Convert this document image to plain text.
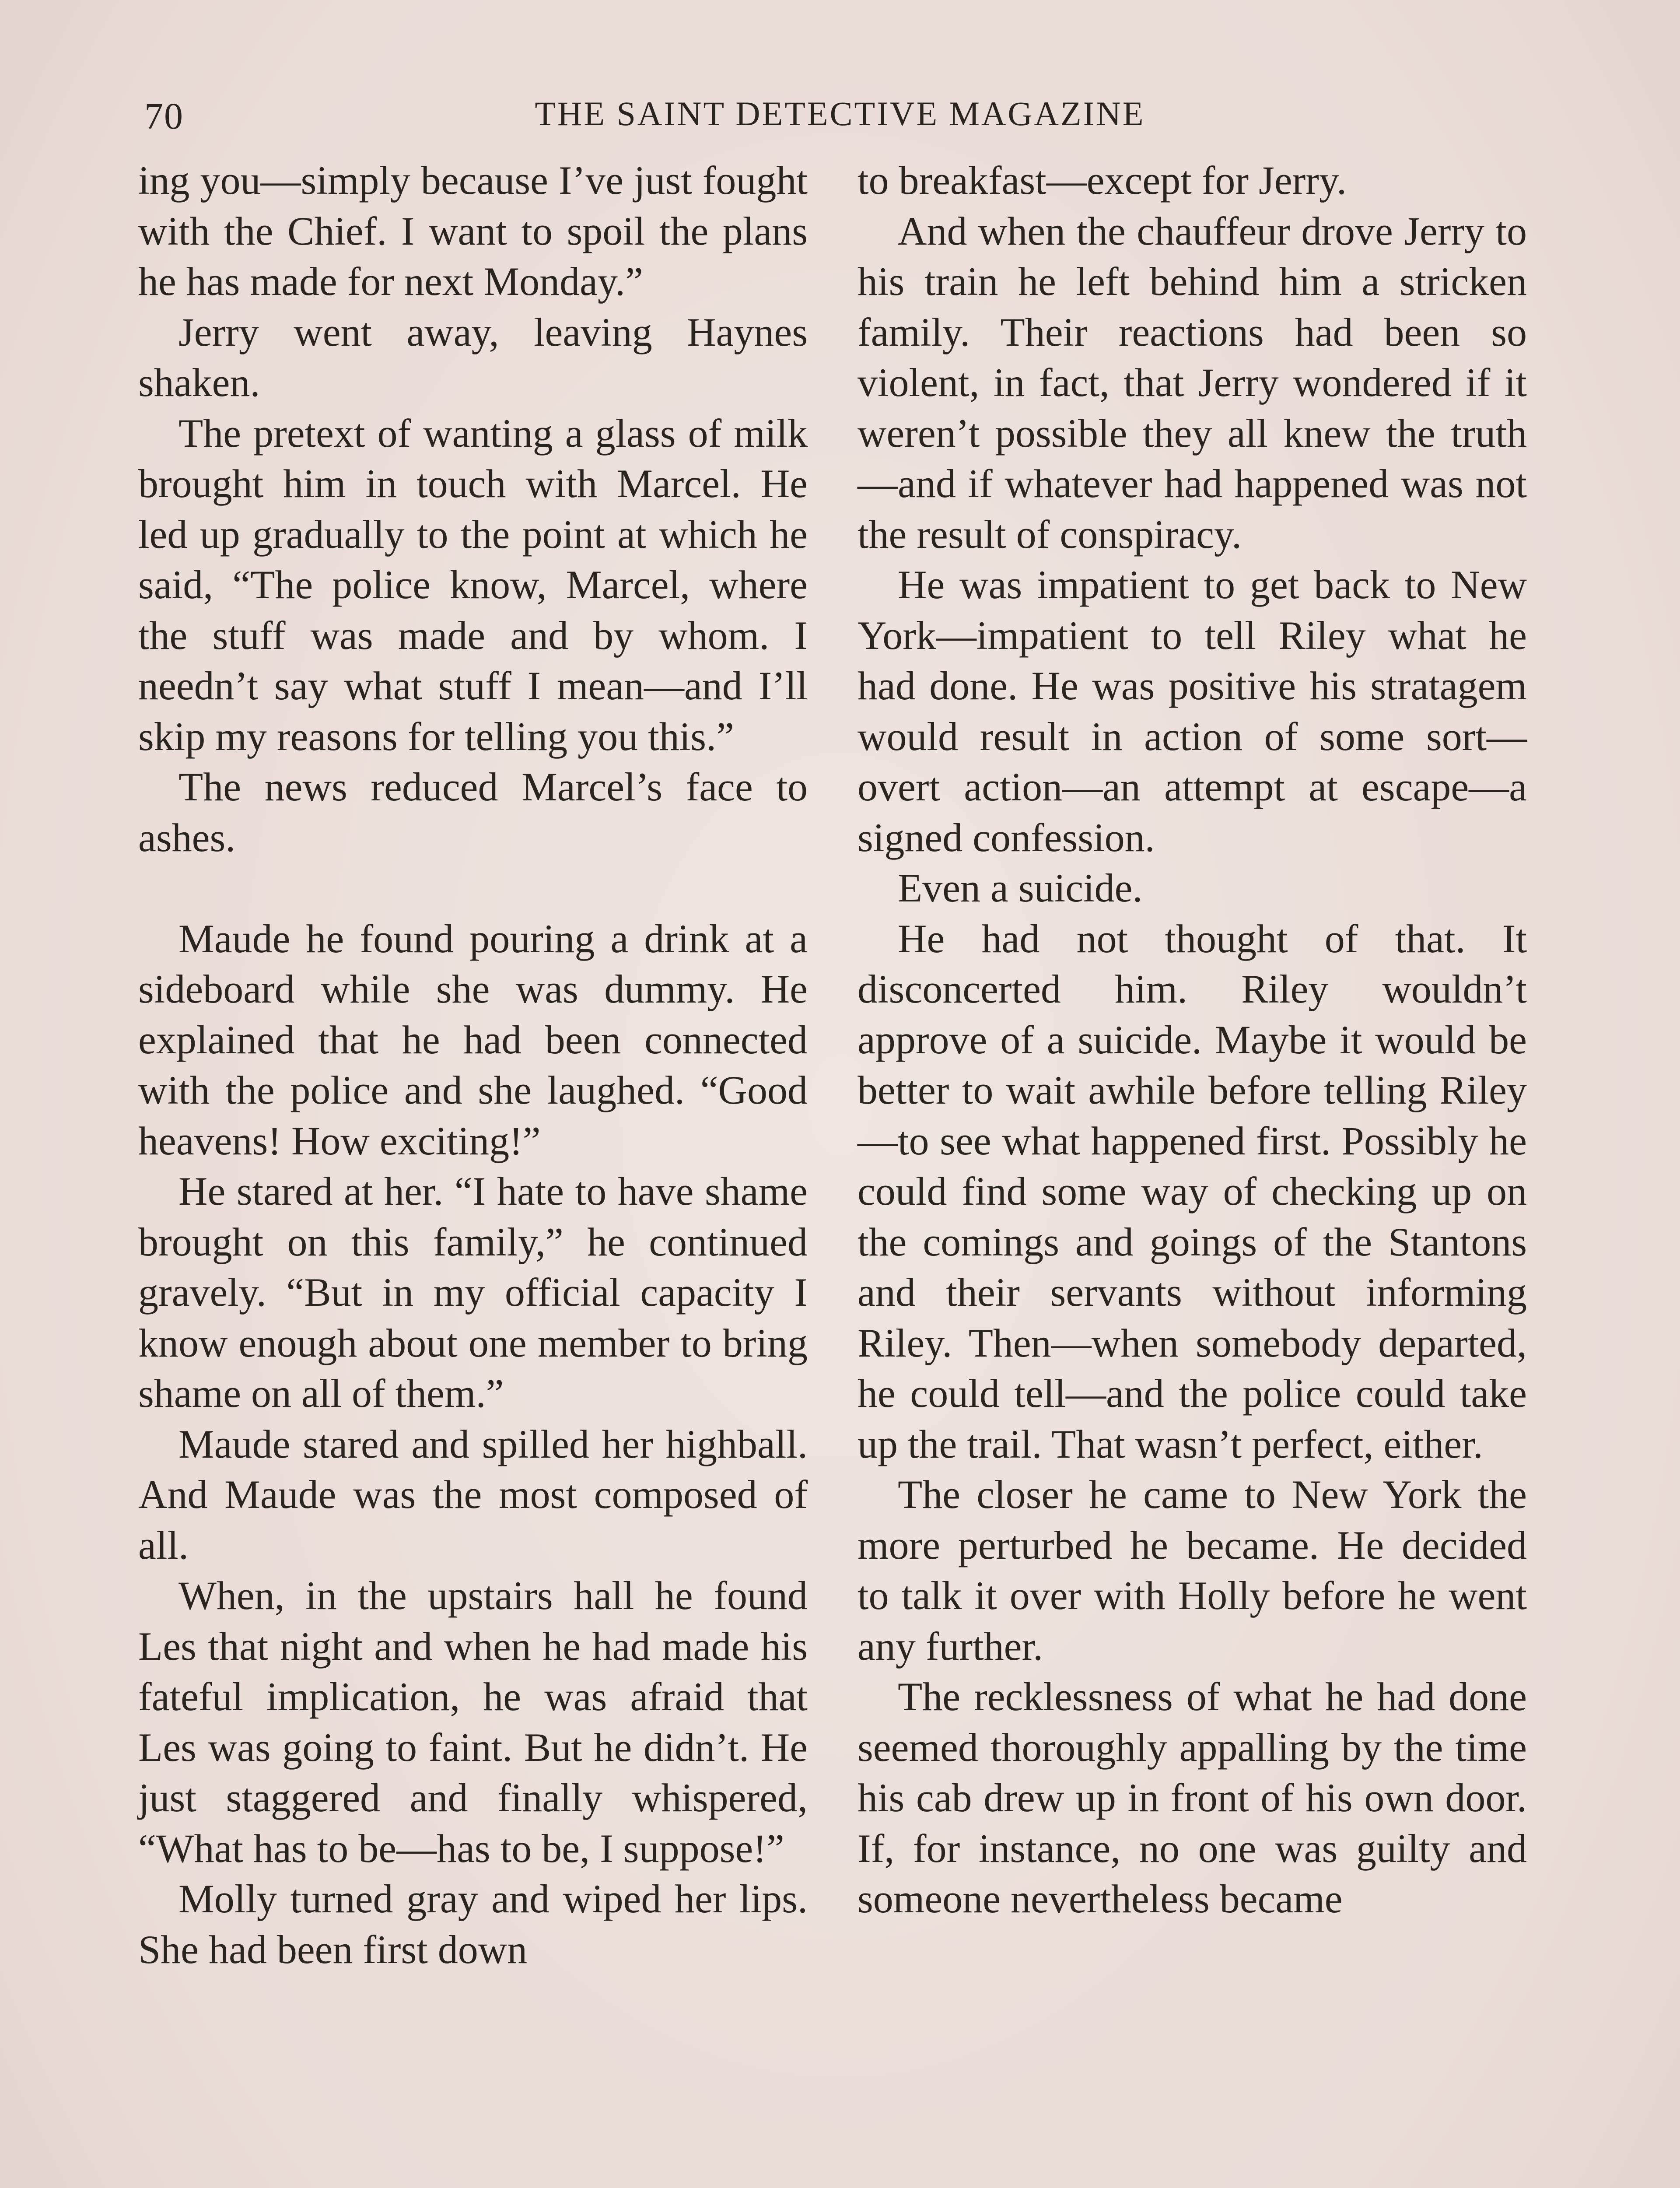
70	THE SAINT DETECTIVE MAGAZINE

ing you—simply because I’ve just fought with the Chief. I want to spoil the plans he has made for next Monday.”

Jerry went away, leaving Haynes shaken.

The pretext of wanting a glass of milk brought him in touch with Marcel. He led up gradually to the point at which he said, “The police know, Marcel, where the stuff was made and by whom. I needn’t say what stuff I mean—and I’ll skip my reasons for telling you this.”

The news reduced Marcel’s face to ashes.

Maude he found pouring a drink at a sideboard while she was dummy. He explained that he had been connected with the police and she laughed. “Good heavens! How exciting!”

He stared at her. “I hate to have shame brought on this family,” he continued gravely. “But in my official capacity I know enough about one member to bring shame on all of them.”

Maude stared and spilled her highball. And Maude was the most composed of all.

When, in the upstairs hall he found Les that night and when he had made his fateful implication, he was afraid that Les was going to faint. But he didn’t. He just staggered and finally whispered, “What has to be—has to be, I suppose!”

Molly turned gray and wiped her lips. She had been first down

to breakfast—except for Jerry.

And when the chauffeur drove Jerry to his train he left behind him a stricken family. Their reactions had been so violent, in fact, that Jerry wondered if it weren’t possible they all knew the truth—and if whatever had happened was not the result of conspiracy.

He was impatient to get back to New York—impatient to tell Riley what he had done. He was positive his stratagem would result in action of some sort—overt action—an attempt at escape—a signed confession.

Even a suicide.

He had not thought of that. It disconcerted him. Riley wouldn’t approve of a suicide. Maybe it would be better to wait awhile before telling Riley—to see what happened first. Possibly he could find some way of checking up on the comings and goings of the Stantons and their servants without informing Riley. Then—when somebody departed, he could tell—and the police could take up the trail. That wasn’t perfect, either.

The closer he came to New York the more perturbed he became. He decided to talk it over with Holly before he went any further.

The recklessness of what he had done seemed thoroughly appalling by the time his cab drew up in front of his own door. If, for instance, no one was guilty and someone nevertheless became
